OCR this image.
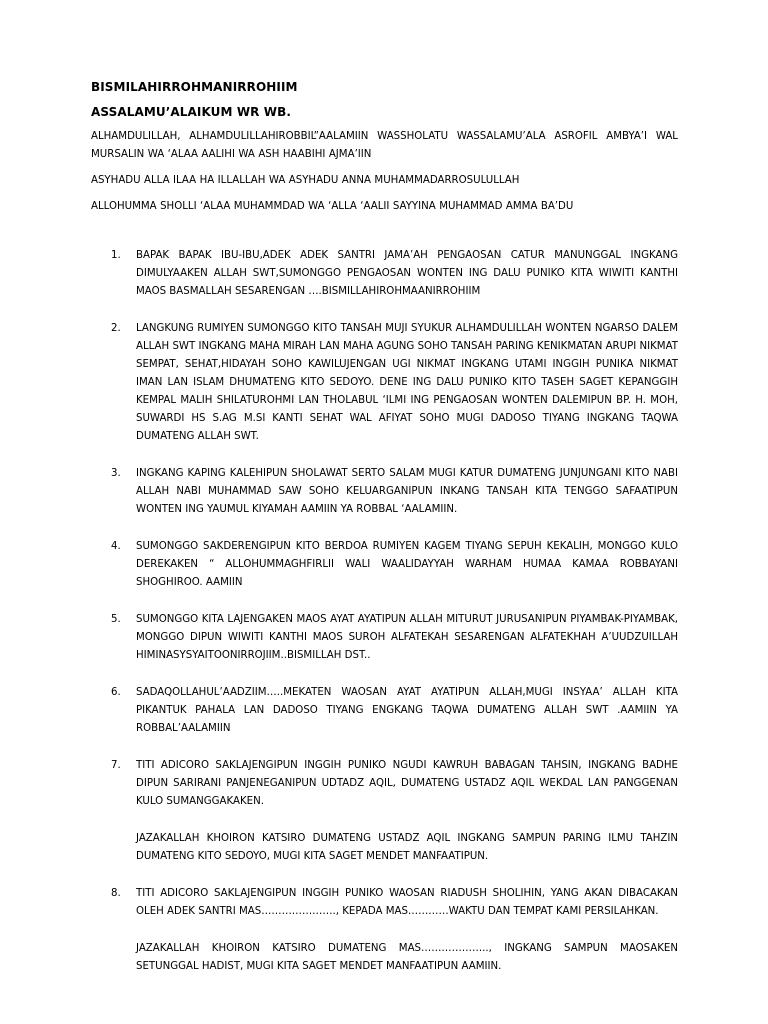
BISMILAHIRROHMANIRROHIIM

ASSALAMU’ALAIKUM WR WB.

ALHAMDULILLAH, ALHAMDULILLAHIROBBIL”AALAMIIN WASSHOLATU WASSALAMU’ALA ASROFIL AMBYA’I WAL MURSALIN WA ‘ALAA AALIHI WA ASH HAABIHI AJMA’IIN

ASYHADU ALLA ILAA HA ILLALLAH WA ASYHADU ANNA MUHAMMADARROSULULLAH

ALLOHUMMA SHOLLI ‘ALAA MUHAMMDAD WA ‘ALLA ‘AALII SAYYINA MUHAMMAD AMMA BA’DU

1. BAPAK BAPAK IBU-IBU,ADEK ADEK SANTRI JAMA’AH PENGAOSAN CATUR MANUNGGAL INGKANG DIMULYAAKEN ALLAH SWT,SUMONGGO PENGAOSAN WONTEN ING DALU PUNIKO KITA WIWITI KANTHI MAOS BASMALLAH SESARENGAN ….BISMILLAHIROHMAANIRROHIIM

2. LANGKUNG RUMIYEN SUMONGGO KITO TANSAH MUJI SYUKUR ALHAMDULILLAH WONTEN NGARSO DALEM ALLAH SWT INGKANG MAHA MIRAH LAN MAHA AGUNG SOHO TANSAH PARING KENIKMATAN ARUPI NIKMAT SEMPAT, SEHAT,HIDAYAH SOHO KAWILUJENGAN UGI NIKMAT INGKANG UTAMI INGGIH PUNIKA NIKMAT IMAN LAN ISLAM DHUMATENG KITO SEDOYO. DENE ING DALU PUNIKO KITO TASEH SAGET KEPANGGIH KEMPAL MALIH SHILATUROHMI LAN THOLABUL ‘ILMI ING PENGAOSAN WONTEN DALEMIPUN BP. H. MOH, SUWARDI HS S.AG M.SI KANTI SEHAT WAL AFIYAT SOHO MUGI DADOSO TIYANG INGKANG TAQWA DUMATENG ALLAH SWT.

3. INGKANG KAPING KALEHIPUN SHOLAWAT SERTO SALAM MUGI KATUR DUMATENG JUNJUNGANI KITO NABI ALLAH NABI MUHAMMAD SAW SOHO KELUARGANIPUN INKANG TANSAH KITA TENGGO SAFAATIPUN WONTEN ING YAUMUL KIYAMAH AAMIIN YA ROBBAL ‘AALAMIIN.

4. SUMONGGO SAKDERENGIPUN KITO BERDOA RUMIYEN KAGEM TIYANG SEPUH KEKALIH, MONGGO KULO DEREKAKEN “ ALLOHUMMAGHFIRLII WALI WAALIDAYYAH WARHAM HUMAA KAMAA ROBBAYANI SHOGHIROO. AAMIIN

5. SUMONGGO KITA LAJENGAKEN MAOS AYAT AYATIPUN ALLAH MITURUT JURUSANIPUN PIYAMBAK-PIYAMBAK, MONGGO DIPUN WIWITI KANTHI MAOS SUROH ALFATEKAH SESARENGAN ALFATEKHAH A’UUDZUILLAH HIMINASYSYAITOONIRROJIIM..BISMILLAH DST..

6. SADAQOLLAHUL’AADZIIM…..MEKATEN WAOSAN AYAT AYATIPUN ALLAH,MUGI INSYAA’ ALLAH KITA PIKANTUK PAHALA LAN DADOSO TIYANG ENGKANG TAQWA DUMATENG ALLAH SWT .AAMIIN YA ROBBAL’AALAMIIN

7. TITI ADICORO SAKLAJENGIPUN INGGIH PUNIKO NGUDI KAWRUH BABAGAN TAHSIN, INGKANG BADHE DIPUN SARIRANI PANJENEGANIPUN UDTADZ AQIL, DUMATENG USTADZ AQIL WEKDAL LAN PANGGENAN KULO SUMANGGAKAKEN.

JAZAKALLAH KHOIRON KATSIRO DUMATENG USTADZ AQIL INGKANG SAMPUN PARING ILMU TAHZIN DUMATENG KITO SEDOYO, MUGI KITA SAGET MENDET MANFAATIPUN.

8. TITI ADICORO SAKLAJENGIPUN INGGIH PUNIKO WAOSAN RIADUSH SHOLIHIN, YANG AKAN DIBACAKAN OLEH ADEK SANTRI MAS…………………., KEPADA MAS…………WAKTU DAN TEMPAT KAMI PERSILAHKAN.

JAZAKALLAH KHOIRON KATSIRO DUMATENG MAS……………….., INGKANG SAMPUN MAOSAKEN SETUNGGAL HADIST, MUGI KITA SAGET MENDET MANFAATIPUN AAMIIN.
